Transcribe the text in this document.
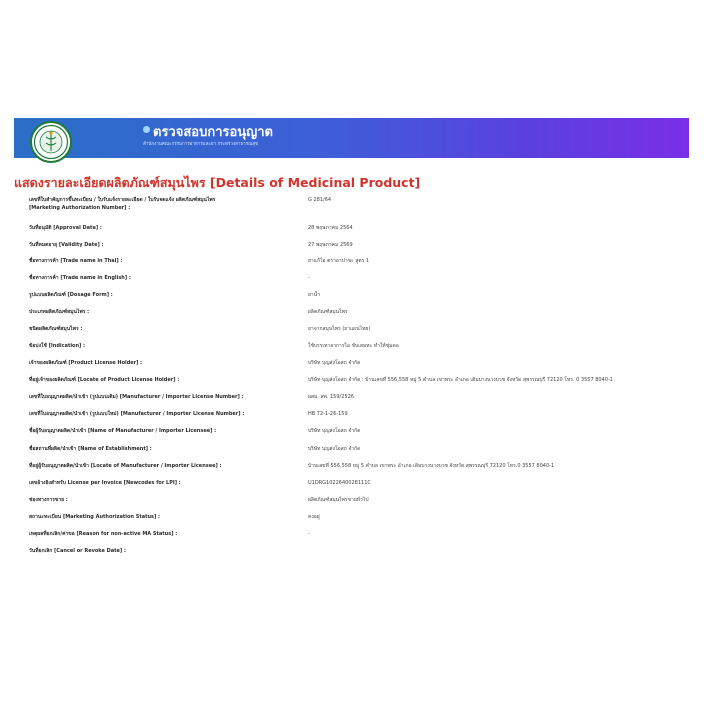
ตรวจสอบการอนุญาต
สำนักงานคณะกรรมการอาหารและยา กระทรวงสาธารณสุข
แสดงรายละเอียดผลิตภัณฑ์สมุนไพร [Details of Medicinal Product]
เลขที่ใบสำคัญการขึ้นทะเบียน / ใบรับแจ้งรายละเอียด / ใบรับจดแจ้ง ผลิตภัณฑ์สมุนไพร
[Marketing Authorization Number] :
G 281/64
วันที่อนุมัติ [Approval Date] :	28 พฤษภาคม 2564
วันที่หมดอายุ [Validity Date] :	27 พฤษภาคม 2569
ชื่อทางการค้า [Trade name in Thai] :	ยาแก้ไอ ตราอาปาขะ สูตร 1
ชื่อทางการค้า [Trade name in English] :	-
รูปแบบผลิตภัณฑ์ [Dosage Form] :	ยาน้ำ
ประเภทผลิตภัณฑ์สมุนไพร :	ผลิตภัณฑ์สมุนไพร
ชนิดผลิตภัณฑ์สมุนไพร :	ยาจากสมุนไพร (ยาแผนไทย)
ข้อบ่งใช้ [Indication] :	ใช้บรรเทาอาการไอ ขับเสมหะ ทำให้ชุ่มคอ
เจ้าของผลิตภัณฑ์ [Product License Holder] :	บริษัท บุญส่งโอสถ จำกัด
ที่อยู่เจ้าของผลิตภัณฑ์ [Locate of Product License Holder] :	บริษัท บุญส่งโอสถ จำกัด : บ้านเลขที่ 556,558 หมู่ 5 ตำบล เขาพระ อำเภอ เดิมบางนางบวช จังหวัด สุพรรณบุรี 72120 โทร. 0 3557 8040-1
เลขที่ใบอนุญาตผลิต/นำเข้า (รูปแบบเดิม) [Manufacturer / Importer License Number] :	ผสม. สพ. 159/2526
เลขที่ใบอนุญาตผลิต/นำเข้า (รูปแบบใหม่) [Manufacturer / Importer License Number] :	HB 72-1-26-159
ชื่อผู้รับอนุญาตผลิต/นำเข้า [Name of Manufacturer / Importer Licensee] :	บริษัท บุญส่งโอสถ จำกัด
ชื่อสถานที่ผลิต/นำเข้า [Name of Establishment] :	บริษัท บุญส่งโอสถ จำกัด
ที่อยู่ผู้รับอนุญาตผลิต/นำเข้า [Locate of Manufacturer / Importer Licensee] :	บ้านเลขที่ 556,558 หมู่ 5 ตำบล เขาพระ อำเภอ เดิมบางนางบวช จังหวัด สุพรรณบุรี 72120 โทร.0 3557 8040-1
เลขอ้างอิงสำหรับ License per Invoice [Newcodes for LPI] :	U1DRG1022640028111C
ช่องทางการขาย :	ผลิตภัณฑ์สมุนไพรขายทั่วไป
สถานะทะเบียน [Marketing Authorization Status] :	คงอยู่
เหตุผลที่ยกเลิก/ค่าขอ [Reason for non-active MA Status] :	-
วันที่ยกเลิก [Cancel or Revoke Date] :
